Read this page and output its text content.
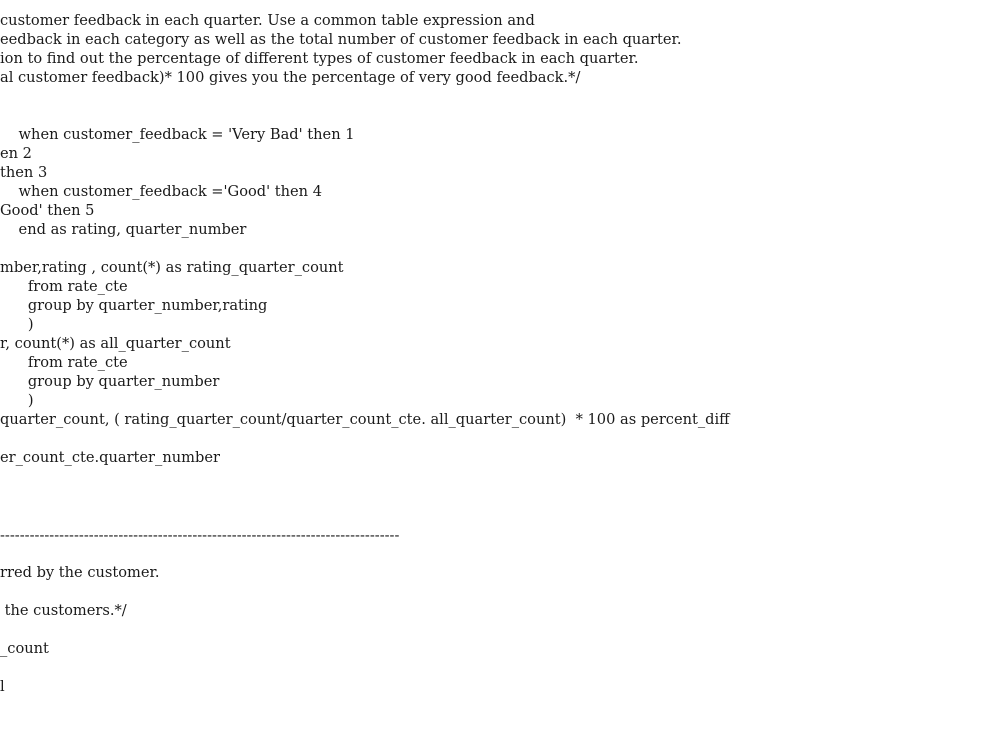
customer feedback in each quarter. Use a common table expression and
eedback in each category as well as the total number of customer feedback in each quarter.
ion to find out the percentage of different types of customer feedback in each quarter.
al customer feedback)* 100 gives you the percentage of very good feedback.*/
when customer_feedback = 'Very Bad' then 1
en 2
then 3
when customer_feedback ='Good' then 4
Good' then 5
end as rating, quarter_number
mber,rating , count(*) as rating_quarter_count
from rate_cte
group by quarter_number,rating
)
r, count(*) as all_quarter_count
from rate_cte
group by quarter_number
)
quarter_count, ( rating_quarter_count/quarter_count_cte. all_quarter_count)  * 100 as percent_diff
er_count_cte.quarter_number
---------------------------------------------------------------------------------
rred by the customer.
the customers.*/
_count
l
